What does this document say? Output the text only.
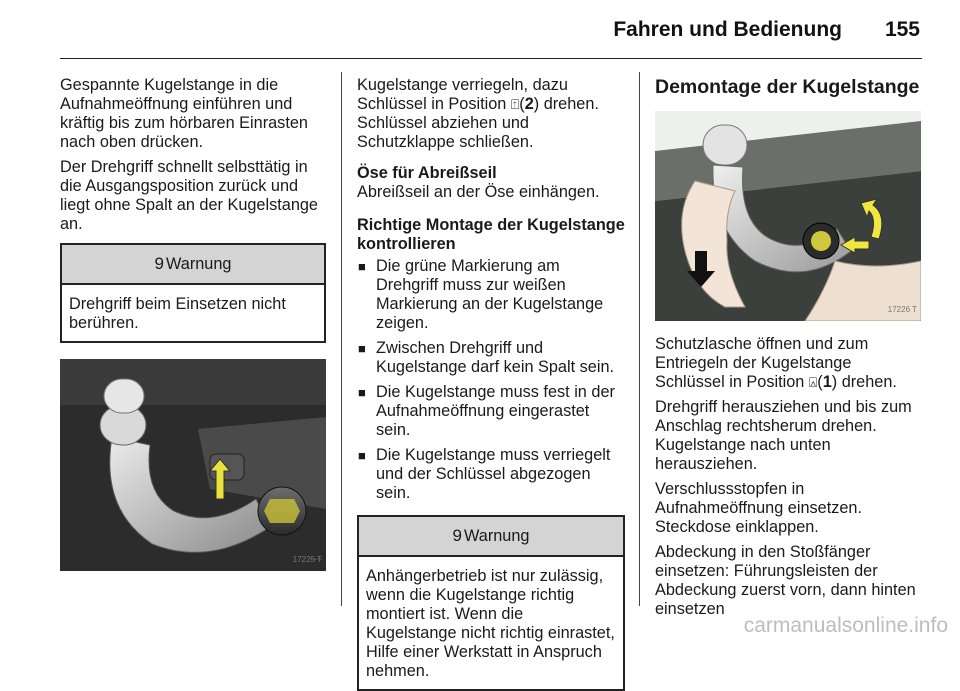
Fahren und Bedienung 155

Gespannte Kugelstange in die Aufnahmeöffnung einführen und kräftig bis zum hörbaren Einrasten nach oben drücken.

Der Drehgriff schnellt selbsttätig in die Ausgangsposition zurück und liegt ohne Spalt an der Kugelstange an.

9 Warnung
Drehgriff beim Einsetzen nicht berühren.
17225 T

Kugelstange verriegeln, dazu Schlüssel in Position ⍐(2) drehen. Schlüssel abziehen und Schutzklappe schließen.

Öse für Abreißseil

Abreißseil an der Öse einhängen.

Richtige Montage der Kugelstange kontrollieren

■ Die grüne Markierung am Drehgriff muss zur weißen Markierung an der Kugelstange zeigen.

■ Zwischen Drehgriff und Kugelstange darf kein Spalt sein.

■ Die Kugelstange muss fest in der Aufnahmeöffnung eingerastet sein.

■ Die Kugelstange muss verriegelt und der Schlüssel abgezogen sein.

9 Warnung
Anhängerbetrieb ist nur zulässig, wenn die Kugelstange richtig montiert ist. Wenn die Kugelstange nicht richtig einrastet, Hilfe einer Werkstatt in Anspruch nehmen.

Demontage der Kugelstange

17226 T

Schutzlasche öffnen und zum Entriegeln der Kugelstange Schlüssel in Position ⍓(1) drehen.

Drehgriff herausziehen und bis zum Anschlag rechtsherum drehen. Kugelstange nach unten herausziehen.

Verschlussstopfen in Aufnahmeöffnung einsetzen. Steckdose einklappen.

Abdeckung in den Stoßfänger einsetzen: Führungsleisten der Abdeckung zuerst vorn, dann hinten einsetzen

carmanualsonline.info
